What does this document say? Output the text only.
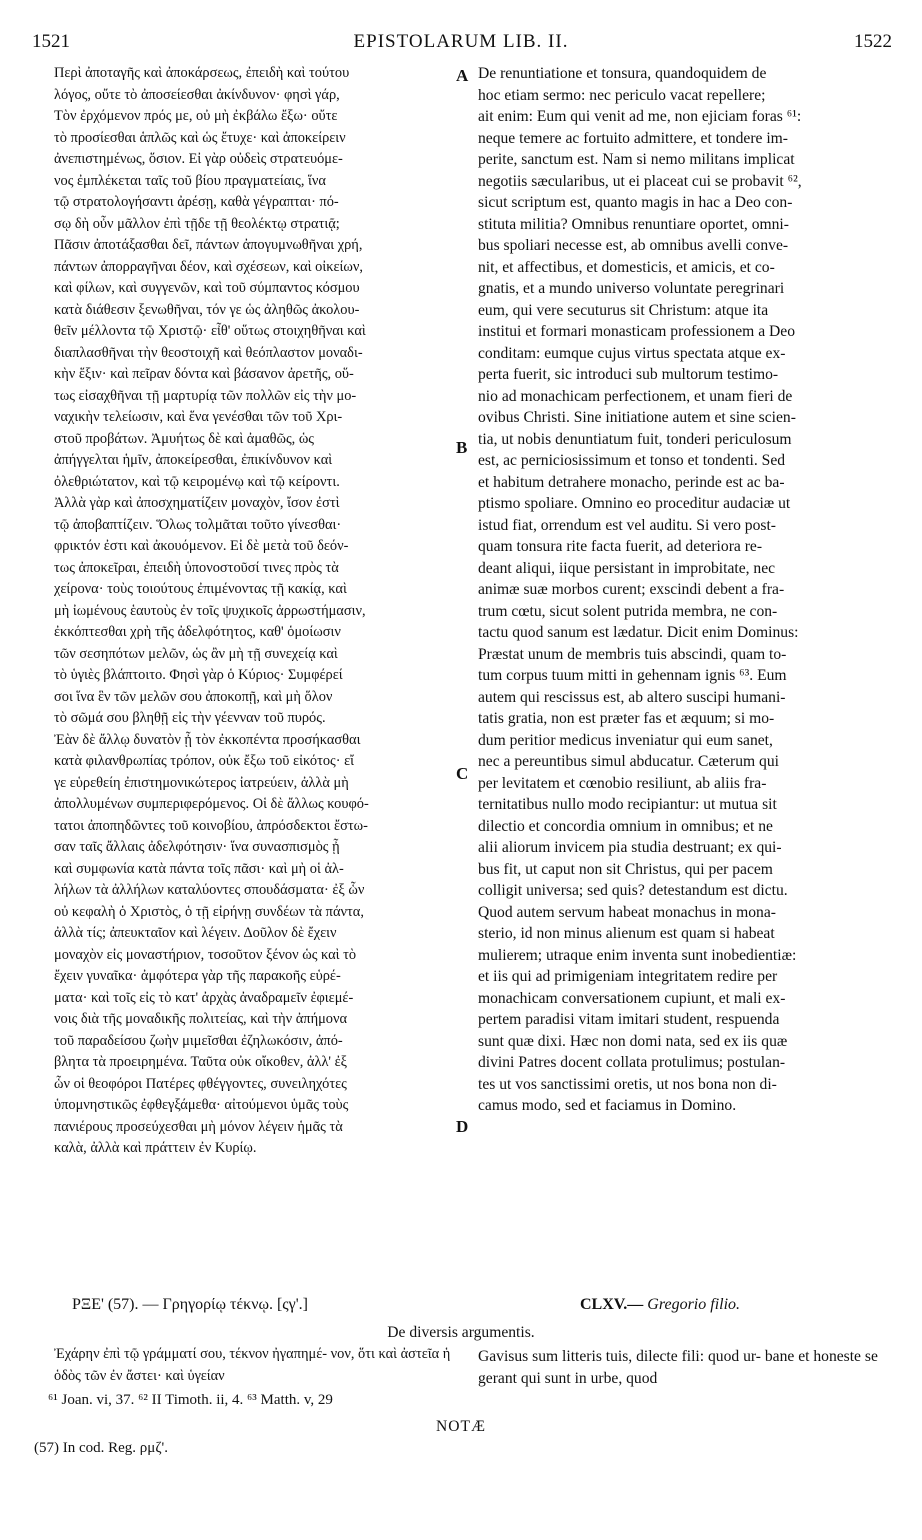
1521	EPISTOLARUM LIB. II.	1522
Περὶ ἀποταγῆς καὶ ἀποκάρσεως, ἐπειδὴ καὶ τούτου
λόγος, οὔτε τὸ ἀποσείεσθαι ἀκίνδυνον· φησὶ γάρ,
Τὸν ἐρχόμενον πρός με, οὐ μὴ ἐκβάλω ἔξω· οὔτε
τὸ προσίεσθαι ἁπλῶς καὶ ὡς ἔτυχε· καὶ ἀποκείρειν
ἀνεπιστημένως, ὅσιον. Εἰ γὰρ οὐδεὶς στρατευόμε-
νος ἐμπλέκεται ταῖς τοῦ βίου πραγματείαις, ἵνα
τῷ στρατολογήσαντι ἀρέσῃ, καθὰ γέγραπται· πό-
σῳ δὴ οὖν μᾶλλον ἐπὶ τῇδε τῇ θεολέκτῳ στρατιᾷ;
Πᾶσιν ἀποτάξασθαι δεῖ, πάντων ἀπογυμνωθῆναι χρή,
πάντων ἀπορραγῆναι δέον, καὶ σχέσεων, καὶ οἰκείων,
καὶ φίλων, καὶ συγγενῶν, καὶ τοῦ σύμπαντος κόσμου
κατὰ διάθεσιν ξενωθῆναι, τόν γε ὡς ἀληθῶς ἀκολου-
θεῖν μέλλοντα τῷ Χριστῷ· εἶθ' οὕτως στοιχηθῆναι καὶ
διαπλασθῆναι τὴν θεοστοιχῆ καὶ θεόπλαστον μοναδι-
κὴν ἕξιν· καὶ πεῖραν δόντα καὶ βάσανον ἀρετῆς, οὕ-
τως εἰσαχθῆναι τῇ μαρτυρίᾳ τῶν πολλῶν εἰς τὴν μο-
ναχικὴν τελείωσιν, καὶ ἕνα γενέσθαι τῶν τοῦ Χρι-
στοῦ προβάτων. Ἀμυήτως δὲ καὶ ἀμαθῶς, ὡς
ἀπήγγελται ἡμῖν, ἀποκείρεσθαι, ἐπικίνδυνον καὶ
ὀλεθριώτατον, καὶ τῷ κειρομένῳ καὶ τῷ κείροντι.
Ἀλλὰ γὰρ καὶ ἀποσχηματίζειν μοναχὸν, ἴσον ἐστὶ
τῷ ἀποβαπτίζειν. Ὅλως τολμᾶται τοῦτο γίνεσθαι·
φρικτόν ἐστι καὶ ἀκουόμενον. Εἰ δὲ μετὰ τοῦ δεόν-
τως ἀποκεῖραι, ἐπειδὴ ὑπονοστοῦσί τινες πρὸς τὰ
χείρονα· τοὺς τοιούτους ἐπιμένοντας τῇ κακίᾳ, καὶ
μὴ ἰωμένους ἑαυτοὺς ἐν τοῖς ψυχικοῖς ἀρρωστήμασιν,
ἐκκόπτεσθαι χρὴ τῆς ἀδελφότητος, καθ' ὁμοίωσιν
τῶν σεσηπότων μελῶν, ὡς ἂν μὴ τῇ συνεχείᾳ καὶ
τὸ ὑγιὲς βλάπτοιτο. Φησὶ γὰρ ὁ Κύριος· Συμφέρεί
σοι ἵνα ἓν τῶν μελῶν σου ἀποκοπῇ, καὶ μὴ ὅλον
τὸ σῶμά σου βληθῇ εἰς τὴν γέενναν τοῦ πυρός.
Ἐὰν δὲ ἄλλῳ δυνατὸν ᾖ τὸν ἐκκοπέντα προσήκασθαι
κατὰ φιλανθρωπίας τρόπον, οὐκ ἔξω τοῦ εἰκότος· εἴ
γε εὑρεθείη ἐπιστημονικώτερος ἰατρεύειν, ἀλλὰ μὴ
ἀπολλυμένων συμπεριφερόμενος. Οἱ δὲ ἄλλως κουφό-
τατοι ἀποπηδῶντες τοῦ κοινοβίου, ἀπρόσδεκτοι ἔστω-
σαν ταῖς ἄλλαις ἀδελφότησιν· ἵνα συνασπισμὸς ᾖ
καὶ συμφωνία κατὰ πάντα τοῖς πᾶσι· καὶ μὴ οἱ ἀλ-
λήλων τὰ ἀλλήλων καταλύοντες σπουδάσματα· ἐξ ὧν
οὐ κεφαλὴ ὁ Χριστὸς, ὁ τῇ εἰρήνῃ συνδέων τὰ πάντα,
ἀλλὰ τίς; ἀπευκταῖον καὶ λέγειν. Δοῦλον δὲ ἔχειν
μοναχὸν εἰς μοναστήριον, τοσοῦτον ξένον ὡς καὶ τὸ
ἔχειν γυναῖκα· ἀμφότερα γὰρ τῆς παρακοῆς εὑρέ-
ματα· καὶ τοῖς εἰς τὸ κατ' ἀρχὰς ἀναδραμεῖν ἐφιεμέ-
νοις διὰ τῆς μοναδικῆς πολιτείας, καὶ τὴν ἀπήμονα
τοῦ παραδείσου ζωὴν μιμεῖσθαι ἐζηλωκόσιν, ἀπό-
βλητα τὰ προειρημένα. Ταῦτα οὐκ οἴκοθεν, ἀλλ' ἐξ
ὧν οἱ θεοφόροι Πατέρες φθέγγοντες, συνειληχότες
ὑπομνηστικῶς ἐφθεγξάμεθα· αἰτούμενοι ὑμᾶς τοὺς
πανιέρους προσεύχεσθαι μὴ μόνον λέγειν ἡμᾶς τὰ
καλὰ, ἀλλὰ καὶ πράττειν ἐν Κυρίῳ.
De renuntiatione et tonsura, quandoquidem de
hoc etiam sermo: nec periculo vacat repellere;
ait enim: Eum qui venit ad me, non ejiciam foras ⁶¹:
neque temere ac fortuito admittere, et tondere im-
perite, sanctum est. Nam si nemo militans implicat
negotiis sæcularibus, ut ei placeat cui se probavit ⁶²,
sicut scriptum est, quanto magis in hac a Deo con-
stituta militia? Omnibus renuntiare oportet, omni-
bus spoliari necesse est, ab omnibus avelli conve-
nit, et affectibus, et domesticis, et amicis, et co-
gnatis, et a mundo universo voluntate peregrinari
eum, qui vere secuturus sit Christum: atque ita
institui et formari monasticam professionem a Deo
conditam: eumque cujus virtus spectata atque ex-
perta fuerit, sic introduci sub multorum testimo-
nio ad monachicam perfectionem, et unam fieri de
ovibus Christi. Sine initiatione autem et sine scien-
tia, ut nobis denuntiatum fuit, tonderi periculosum
est, ac perniciosissimum et tonso et tondenti. Sed
et habitum detrahere monacho, perinde est ac ba-
ptismo spoliare. Omnino eo proceditur audaciæ ut
istud fiat, orrendum est vel auditu. Si vero post-
quam tonsura rite facta fuerit, ad deteriora re-
deant aliqui, iique persistant in improbitate, nec
animæ suæ morbos curent; exscindi debent a fra-
trum cœtu, sicut solent putrida membra, ne con-
tactu quod sanum est lædatur. Dicit enim Dominus:
Præstat unum de membris tuis abscindi, quam to-
tum corpus tuum mitti in gehennam ignis ⁶³. Eum
autem qui rescissus est, ab altero suscipi humani-
tatis gratia, non est præter fas et æquum; si mo-
dum peritior medicus inveniatur qui eum sanet,
nec a pereuntibus simul abducatur. Cæterum qui
per levitatem et cœnobio resiliunt, ab aliis fra-
ternitatibus nullo modo recipiantur: ut mutua sit
dilectio et concordia omnium in omnibus; et ne
alii aliorum invicem pia studia destruant; ex qui-
bus fit, ut caput non sit Christus, qui per pacem
colligit universa; sed quis? detestandum est dictu.
Quod autem servum habeat monachus in mona-
sterio, id non minus alienum est quam si habeat
mulierem; utraque enim inventa sunt inobedientiæ:
et iis qui ad primigeniam integritatem redire per
monachicam conversationem cupiunt, et mali ex-
pertem paradisi vitam imitari student, respuenda
sunt quæ dixi. Hæc non domi nata, sed ex iis quæ
divini Patres docent collata protulimus; postulan-
tes ut vos sanctissimi oretis, ut nos bona non di-
camus modo, sed et faciamus in Domino.
A
B
C
D
ΡΞΕ' (57). — Γρηγορίῳ τέκνῳ. [ςγ'.]	CLXV.— Gregorio filio.
De diversis argumentis.
Ἐχάρην ἐπὶ τῷ γράμματί σου, τέκνον ἠγαπημέ- νον, ὅτι καὶ ἀστεῖα ἡ ὁδὸς τῶν ἐν ἄστει· καὶ ὑγείαν
Gavisus sum litteris tuis, dilecte fili: quod ur- bane et honeste se gerant qui sunt in urbe, quod
⁶¹ Joan. vi, 37. ⁶² II Timoth. ii, 4. ⁶³ Matth. v, 29
NOTÆ
(57) In cod. Reg. ρμζ'.
